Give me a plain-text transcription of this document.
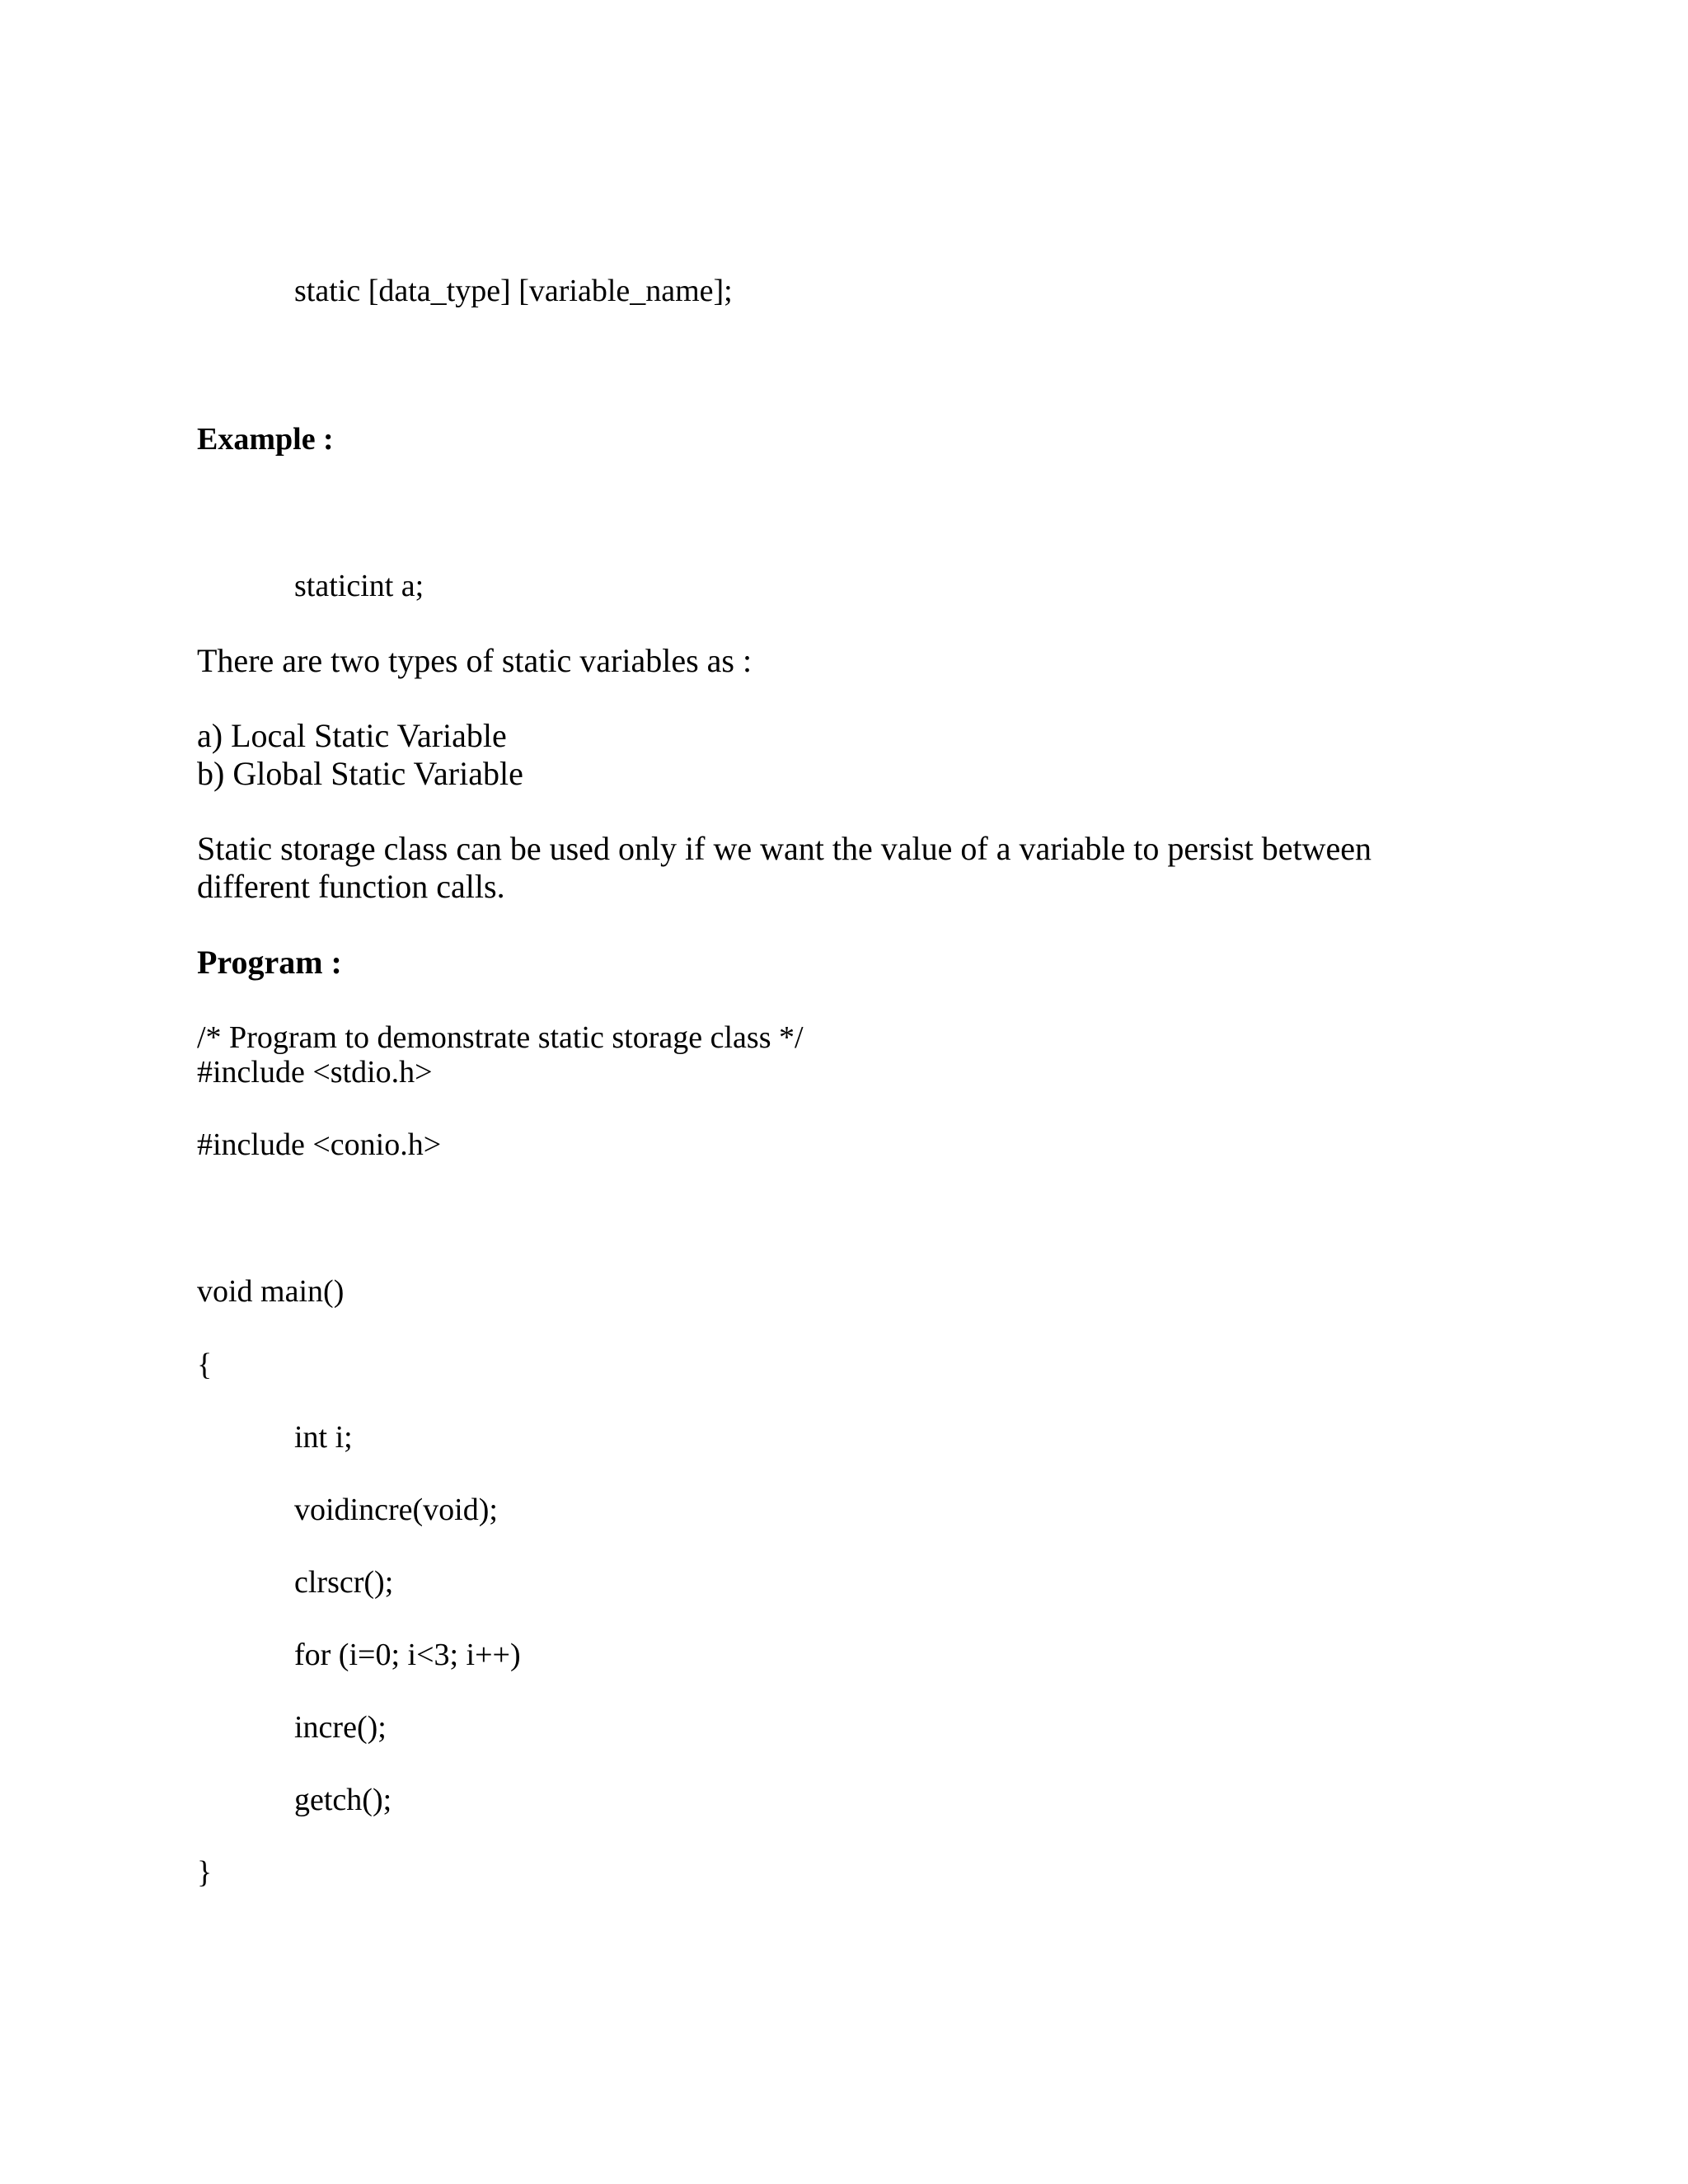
static [data_type] [variable_name];
Example :
staticint a;
There are two types of static variables as :
a) Local Static Variable
b) Global Static Variable
Static storage class can be used only if we want the value of a variable to persist between
different function calls.
Program :
/* Program to demonstrate static storage class */
#include <stdio.h>
#include <conio.h>
void main()
{
int i;
voidincre(void);
clrscr();
for (i=0; i<3; i++)
incre();
getch();
}
